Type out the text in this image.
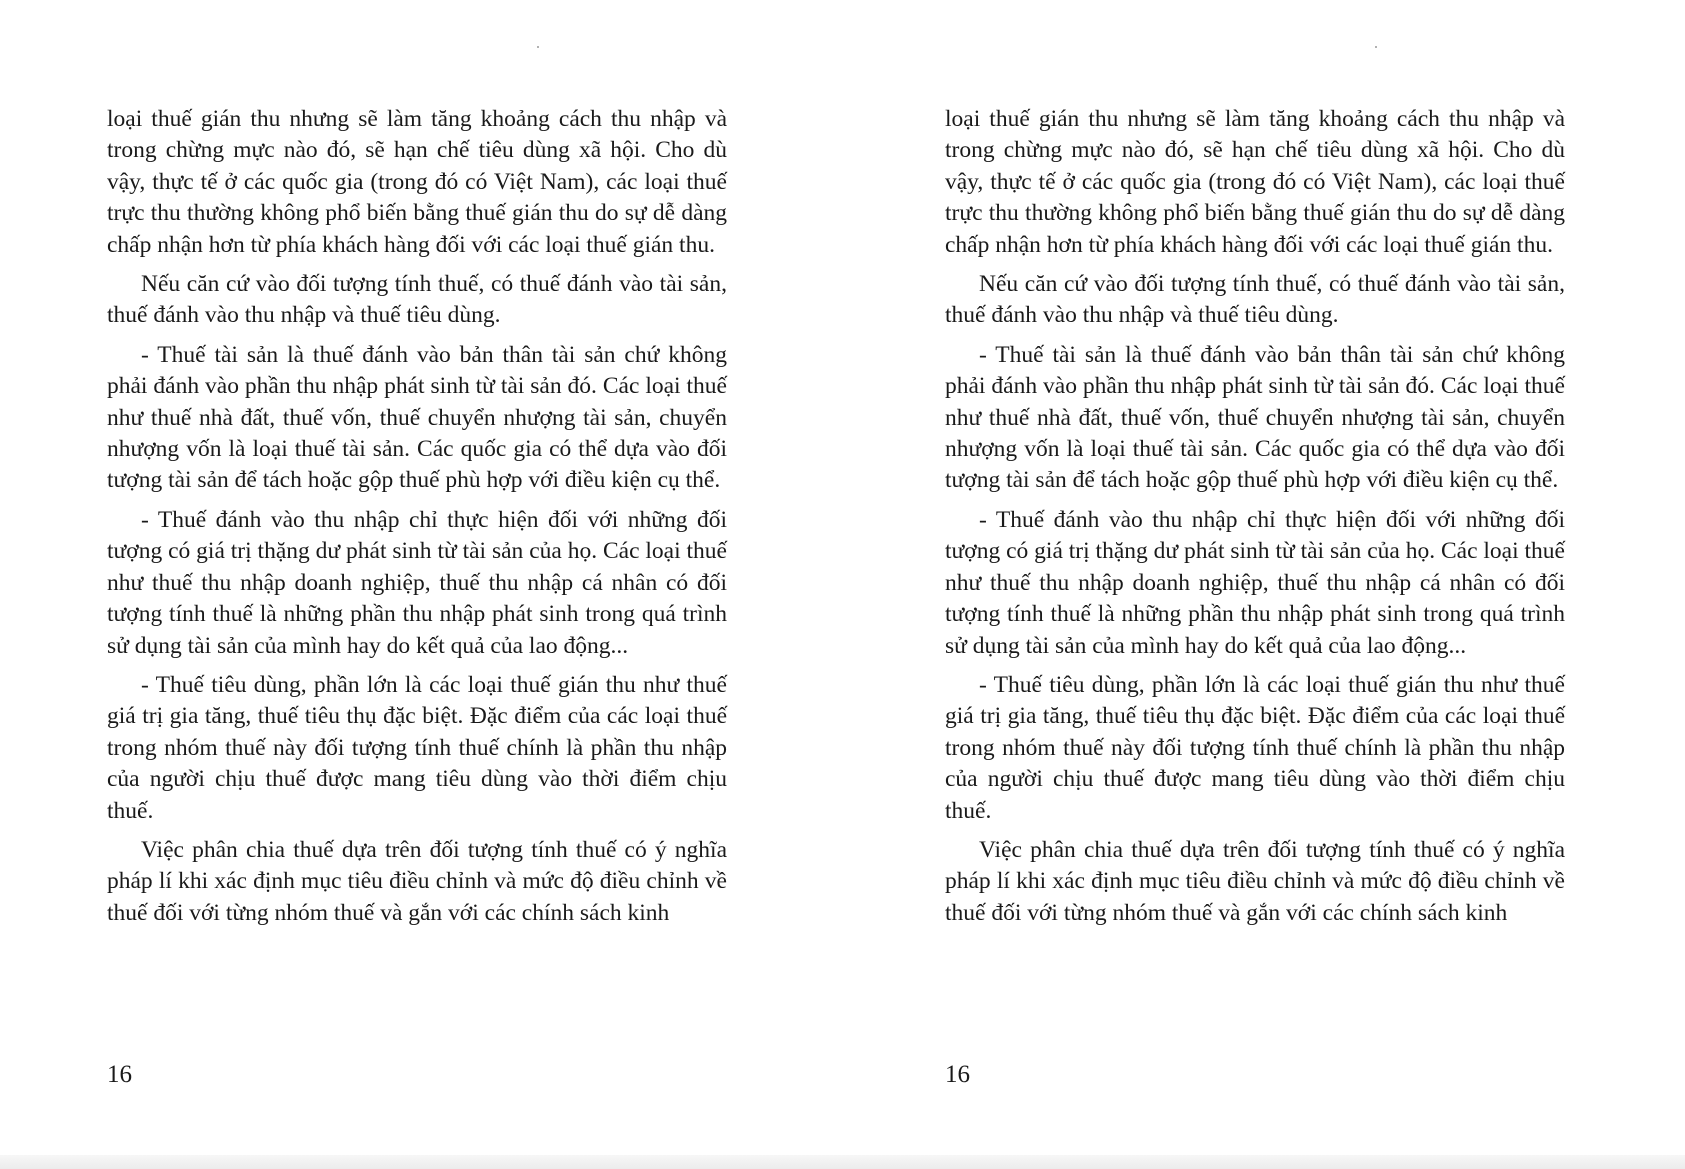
loại thuế gián thu nhưng sẽ làm tăng khoảng cách thu nhập và trong chừng mực nào đó, sẽ hạn chế tiêu dùng xã hội. Cho dù vậy, thực tế ở các quốc gia (trong đó có Việt Nam), các loại thuế trực thu thường không phổ biến bằng thuế gián thu do sự dễ dàng chấp nhận hơn từ phía khách hàng đối với các loại thuế gián thu.

Nếu căn cứ vào đối tượng tính thuế, có thuế đánh vào tài sản, thuế đánh vào thu nhập và thuế tiêu dùng.

- Thuế tài sản là thuế đánh vào bản thân tài sản chứ không phải đánh vào phần thu nhập phát sinh từ tài sản đó. Các loại thuế như thuế nhà đất, thuế vốn, thuế chuyển nhượng tài sản, chuyển nhượng vốn là loại thuế tài sản. Các quốc gia có thể dựa vào đối tượng tài sản để tách hoặc gộp thuế phù hợp với điều kiện cụ thể.

- Thuế đánh vào thu nhập chỉ thực hiện đối với những đối tượng có giá trị thặng dư phát sinh từ tài sản của họ. Các loại thuế như thuế thu nhập doanh nghiệp, thuế thu nhập cá nhân có đối tượng tính thuế là những phần thu nhập phát sinh trong quá trình sử dụng tài sản của mình hay do kết quả của lao động...

- Thuế tiêu dùng, phần lớn là các loại thuế gián thu như thuế giá trị gia tăng, thuế tiêu thụ đặc biệt. Đặc điểm của các loại thuế trong nhóm thuế này đối tượng tính thuế chính là phần thu nhập của người chịu thuế được mang tiêu dùng vào thời điểm chịu thuế.

Việc phân chia thuế dựa trên đối tượng tính thuế có ý nghĩa pháp lí khi xác định mục tiêu điều chỉnh và mức độ điều chỉnh về thuế đối với từng nhóm thuế và gắn với các chính sách kinh

16

loại thuế gián thu nhưng sẽ làm tăng khoảng cách thu nhập và trong chừng mực nào đó, sẽ hạn chế tiêu dùng xã hội. Cho dù vậy, thực tế ở các quốc gia (trong đó có Việt Nam), các loại thuế trực thu thường không phổ biến bằng thuế gián thu do sự dễ dàng chấp nhận hơn từ phía khách hàng đối với các loại thuế gián thu.

Nếu căn cứ vào đối tượng tính thuế, có thuế đánh vào tài sản, thuế đánh vào thu nhập và thuế tiêu dùng.

- Thuế tài sản là thuế đánh vào bản thân tài sản chứ không phải đánh vào phần thu nhập phát sinh từ tài sản đó. Các loại thuế như thuế nhà đất, thuế vốn, thuế chuyển nhượng tài sản, chuyển nhượng vốn là loại thuế tài sản. Các quốc gia có thể dựa vào đối tượng tài sản để tách hoặc gộp thuế phù hợp với điều kiện cụ thể.

- Thuế đánh vào thu nhập chỉ thực hiện đối với những đối tượng có giá trị thặng dư phát sinh từ tài sản của họ. Các loại thuế như thuế thu nhập doanh nghiệp, thuế thu nhập cá nhân có đối tượng tính thuế là những phần thu nhập phát sinh trong quá trình sử dụng tài sản của mình hay do kết quả của lao động...

- Thuế tiêu dùng, phần lớn là các loại thuế gián thu như thuế giá trị gia tăng, thuế tiêu thụ đặc biệt. Đặc điểm của các loại thuế trong nhóm thuế này đối tượng tính thuế chính là phần thu nhập của người chịu thuế được mang tiêu dùng vào thời điểm chịu thuế.

Việc phân chia thuế dựa trên đối tượng tính thuế có ý nghĩa pháp lí khi xác định mục tiêu điều chỉnh và mức độ điều chỉnh về thuế đối với từng nhóm thuế và gắn với các chính sách kinh

16
